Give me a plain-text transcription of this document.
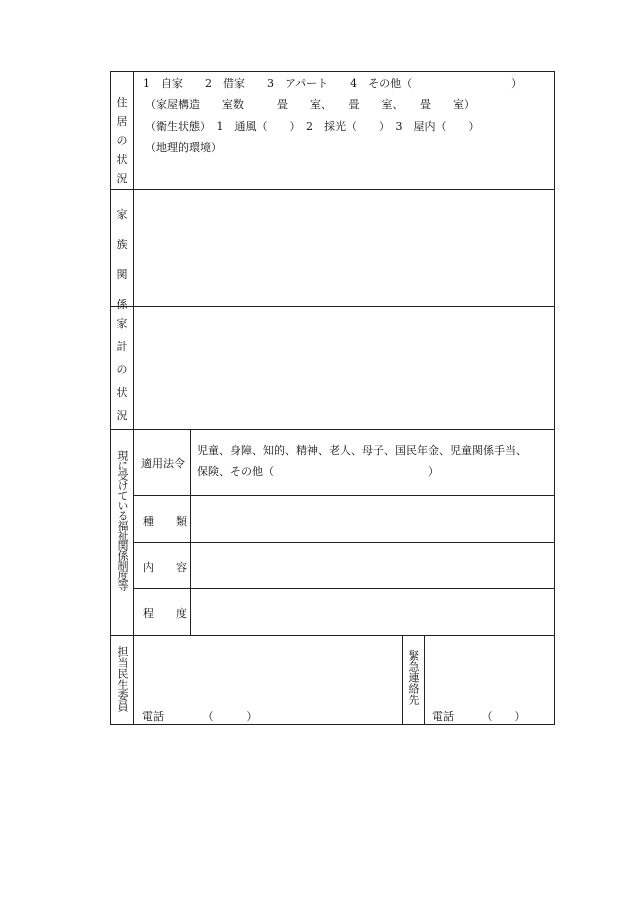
住
居
の
状
況
1　自家　　2　借家　　3　アパート　　4　その他（　　　　　　　　　）
（家屋構造　　室数　　　畳　　室、　　畳　　室、　　畳　　室）
（衛生状態）　1　通風（　　）　2　採光（　　）　3　屋内（　　）
（地理的環境）
家
族
関
係
家
計
の
状
況
現に受けている福祉関係制度等 適用法令
児童、身障、知的、精神、老人、母子、国民年金、児童関係手当、
保険、その他（　　　　　　　　　　　　　　）
種　　類
内　　容
程　　度
担当民生委員
電話　　　　（　　　）
緊急連絡先
電話　　　（　　）
